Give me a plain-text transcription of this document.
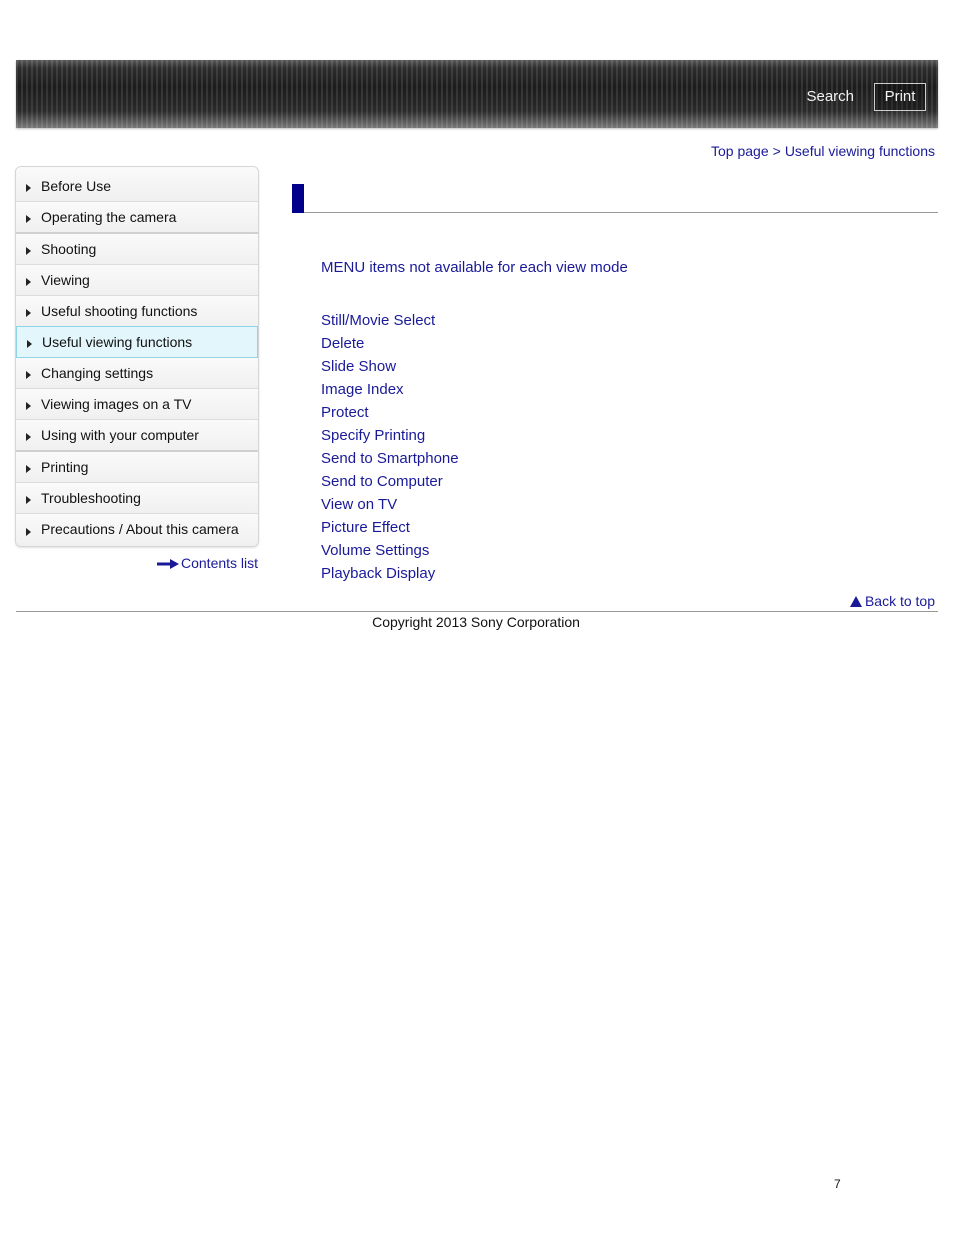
Search	Print
Top page > Useful viewing functions
Before Use
Operating the camera
Shooting
Viewing
Useful shooting functions
Useful viewing functions
Changing settings
Viewing images on a TV
Using with your computer
Printing
Troubleshooting
Precautions / About this camera
Contents list
MENU items not available for each view mode
Still/Movie Select
Delete
Slide Show
Image Index
Protect
Specify Printing
Send to Smartphone
Send to Computer
View on TV
Picture Effect
Volume Settings
Playback Display
Back to top
Copyright 2013 Sony Corporation
7
